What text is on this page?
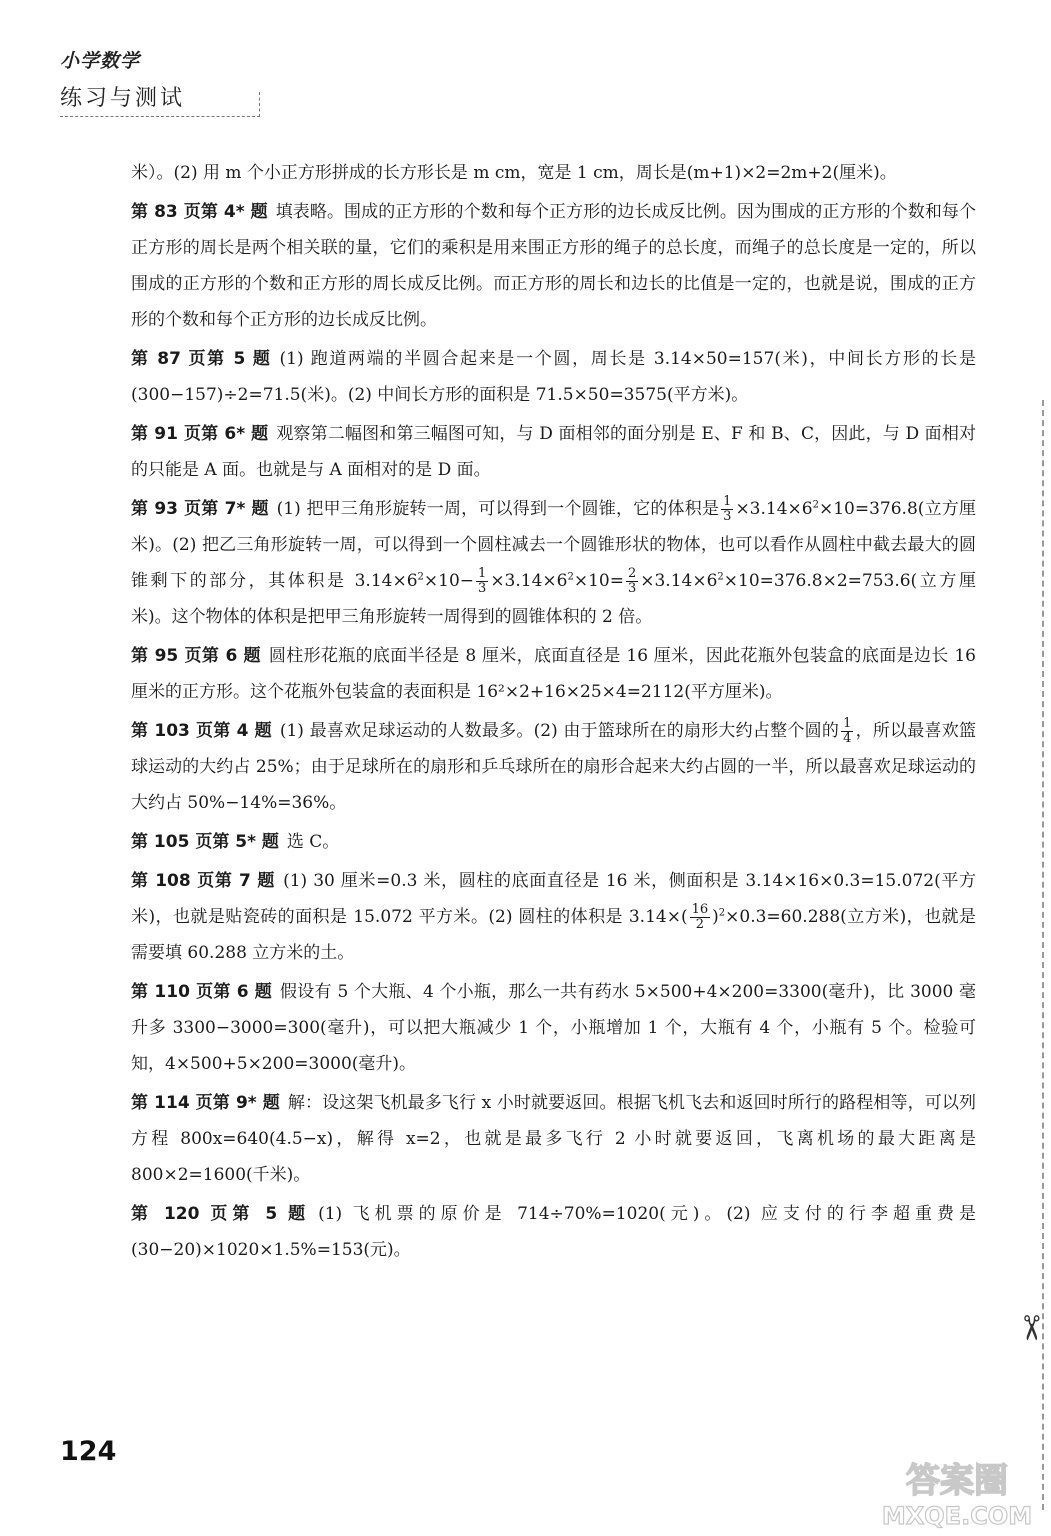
小学数学
练习与测试

米）。(2) 用 m 个小正方形拼成的长方形长是 m cm，宽是 1 cm，周长是(m+1)×2=2m+2(厘米)。

第 83 页第 4* 题 填表略。围成的正方形的个数和每个正方形的边长成反比例。因为围成的正方形的个数和每个正方形的周长是两个相关联的量，它们的乘积是用来围正方形的绳子的总长度，而绳子的总长度是一定的，所以围成的正方形的个数和正方形的周长成反比例。而正方形的周长和边长的比值是一定的，也就是说，围成的正方形的个数和每个正方形的边长成反比例。

第 87 页第 5 题 (1) 跑道两端的半圆合起来是一个圆，周长是 3.14×50=157(米)，中间长方形的长是(300−157)÷2=71.5(米)。(2) 中间长方形的面积是 71.5×50=3575(平方米)。

第 91 页第 6* 题 观察第二幅图和第三幅图可知，与 D 面相邻的面分别是 E、F 和 B、C，因此，与 D 面相对的只能是 A 面。也就是与 A 面相对的是 D 面。

第 93 页第 7* 题 (1) 把甲三角形旋转一周，可以得到一个圆锥，它的体积是 $\frac{1}{3} \times 3.14\times 6^2\times 10=376.8$(立方厘米)。(2) 把乙三角形旋转一周，可以得到一个圆柱减去一个圆锥形状的物体，也可以看作从圆柱中截去最大的圆锥剩下的部分，其体积是 $3.14\times 6^2\times 10- \frac{1}{3} \times 3.14\times 6^2\times 10= \frac{2}{3} \times 3.14\times 6^2\times 10=376.8\times 2=753.6$(立方厘米)。这个物体的体积是把甲三角形旋转一周得到的圆锥体积的 2 倍。

第 95 页第 6 题 圆柱形花瓶的底面半径是 8 厘米，底面直径是 16 厘米，因此花瓶外包装盒的底面是边长 16 厘米的正方形。这个花瓶外包装盒的表面积是 16²×2+16×25×4=2112(平方厘米)。

第 103 页第 4 题 (1) 最喜欢足球运动的人数最多。(2) 由于篮球所在的扇形大约占整个圆的 $\frac{1}{4}$ ，所以最喜欢篮球运动的大约占 25%；由于足球所在的扇形和乒乓球所在的扇形合起来大约占圆的一半，所以最喜欢足球运动的大约占 50%−14%=36%。

第 105 页第 5* 题 选 C。

第 108 页第 7 题 (1) 30 厘米=0.3 米，圆柱的底面直径是 16 米，侧面积是 3.14×16×0.3=15.072(平方米)，也就是贴瓷砖的面积是 15.072 平方米。(2) 圆柱的体积是 $3.14\times( \frac{16}{2} )^2\times 0.3=60.288$(立方米)，也就是需要填 60.288 立方米的土。

第 110 页第 6 题 假设有 5 个大瓶、4 个小瓶，那么一共有药水 5×500+4×200=3300(毫升)，比 3000 毫升多 3300−3000=300(毫升)，可以把大瓶减少 1 个，小瓶增加 1 个，大瓶有 4 个，小瓶有 5 个。检验可知，4×500+5×200=3000(毫升)。

第 114 页第 9* 题 解：设这架飞机最多飞行 x 小时就要返回。根据飞机飞去和返回时所行的路程相等，可以列方程 800x=640(4.5−x)，解得 x=2，也就是最多飞行 2 小时就要返回，飞离机场的最大距离是 800×2=1600(千米)。

第 120 页第 5 题 (1) 飞机票的原价是 714÷70%=1020(元)。(2) 应支付的行李超重费是(30−20)×1020×1.5%=153(元)。

✂
124
答案圈
MXQE.COM
